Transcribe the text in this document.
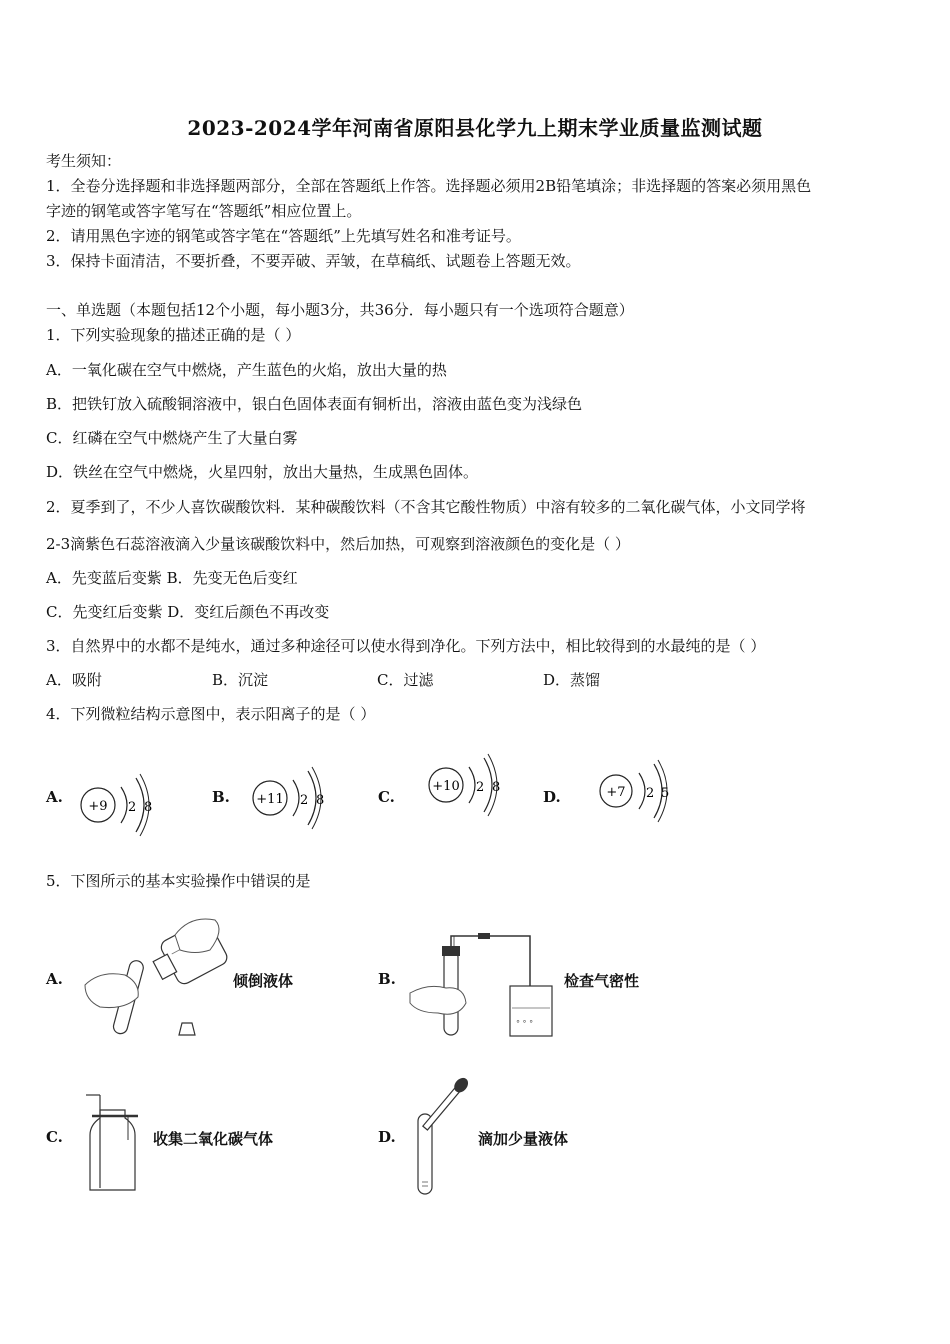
2023-2024学年河南省原阳县化学九上期末学业质量监测试题
考生须知：
1．全卷分选择题和非选择题两部分，全部在答题纸上作答。选择题必须用2B铅笔填涂；非选择题的答案必须用黑色
字迹的钢笔或答字笔写在“答题纸”相应位置上。
2．请用黑色字迹的钢笔或答字笔在“答题纸”上先填写姓名和准考证号。
3．保持卡面清洁，不要折叠，不要弄破、弄皱，在草稿纸、试题卷上答题无效。
一、单选题（本题包括12个小题，每小题3分，共36分．每小题只有一个选项符合题意）
1．下列实验现象的描述正确的是（ ）
A．一氧化碳在空气中燃烧，产生蓝色的火焰，放出大量的热
B．把铁钉放入硫酸铜溶液中，银白色固体表面有铜析出，溶液由蓝色变为浅绿色
C．红磷在空气中燃烧产生了大量白雾
D．铁丝在空气中燃烧，火星四射，放出大量热，生成黑色固体。
2．夏季到了，不少人喜饮碳酸饮料．某种碳酸饮料（不含其它酸性物质）中溶有较多的二氧化碳气体，小文同学将
2-3滴紫色石蕊溶液滴入少量该碳酸饮料中，然后加热，可观察到溶液颜色的变化是（ ）
A．先变蓝后变紫 B．先变无色后变红
C．先变红后变紫 D．变红后颜色不再改变
3．自然界中的水都不是纯水，通过多种途径可以使水得到净化。下列方法中，相比较得到的水最纯的是（ ）
A．吸附	B．沉淀	C．过滤	D．蒸馏
4．下列微粒结构示意图中，表示阳离子的是（ ）
A.
+9 2 8
B. +11 2 8	C.
+10 2 8
D.	+7 2 5
5．下图所示的基本实验操作中错误的是
A.	倾倒液体	B.
° ° °
检查气密性
C.	收集二氧化碳气体	D.	滴加少量液体
